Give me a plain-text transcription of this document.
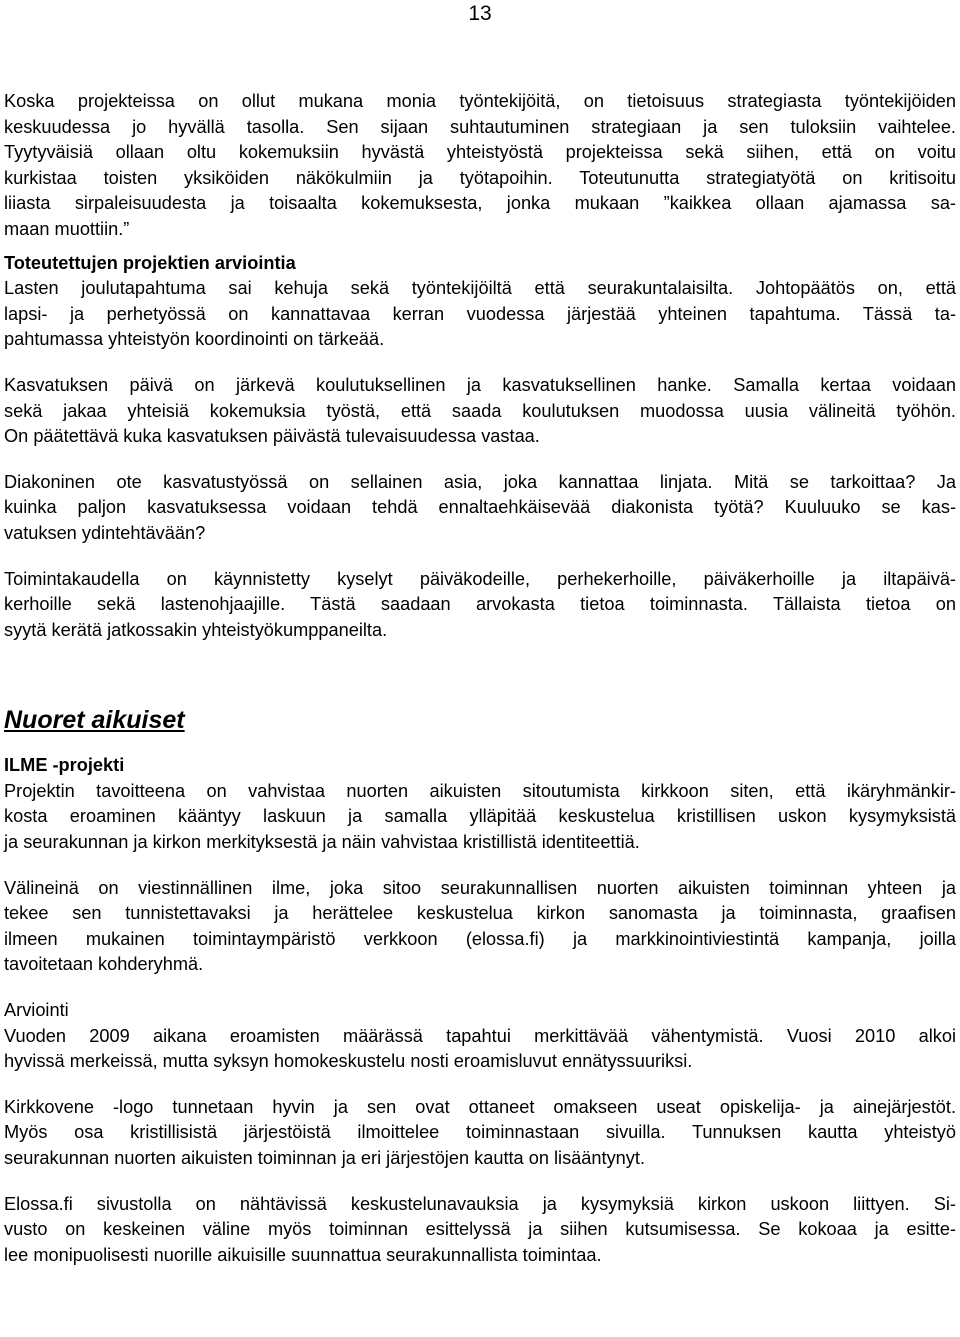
13
Koska projekteissa on ollut mukana monia työntekijöitä, on tietoisuus strategiasta työntekijöiden
keskuudessa jo hyvällä tasolla. Sen sijaan suhtautuminen strategiaan ja sen tuloksiin vaihtelee.
Tyytyväisiä ollaan oltu kokemuksiin hyvästä yhteistyöstä projekteissa sekä siihen, että on voitu
kurkistaa toisten yksiköiden näkökulmiin ja työtapoihin. Toteutunutta strategiatyötä on kritisoitu
liiasta sirpaleisuudesta ja toisaalta kokemuksesta, jonka mukaan ”kaikkea ollaan ajamassa sa-
maan muottiin.”
Toteutettujen projektien arviointia
Lasten joulutapahtuma sai kehuja sekä työntekijöiltä että seurakuntalaisilta. Johtopäätös on, että
lapsi- ja perhetyössä on kannattavaa kerran vuodessa järjestää yhteinen tapahtuma. Tässä ta-
pahtumassa yhteistyön koordinointi on tärkeää.
Kasvatuksen päivä on järkevä koulutuksellinen ja kasvatuksellinen hanke. Samalla kertaa voidaan
sekä jakaa yhteisiä kokemuksia työstä, että saada koulutuksen muodossa uusia välineitä työhön.
On päätettävä kuka kasvatuksen päivästä tulevaisuudessa vastaa.
Diakoninen ote kasvatustyössä on sellainen asia, joka kannattaa linjata. Mitä se tarkoittaa? Ja
kuinka paljon kasvatuksessa voidaan tehdä ennaltaehkäisevää diakonista työtä? Kuuluuko se kas-
vatuksen ydintehtävään?
Toimintakaudella on käynnistetty kyselyt päiväkodeille, perhekerhoille, päiväkerhoille ja iltapäivä-
kerhoille sekä lastenohjaajille. Tästä saadaan arvokasta tietoa toiminnasta. Tällaista tietoa on
syytä kerätä jatkossakin yhteistyökumppaneilta.
Nuoret aikuiset
ILME -projekti
Projektin tavoitteena on vahvistaa nuorten aikuisten sitoutumista kirkkoon siten, että ikäryhmänkir-
kosta eroaminen kääntyy laskuun ja samalla ylläpitää keskustelua kristillisen uskon kysymyksistä
ja seurakunnan ja kirkon merkityksestä ja näin vahvistaa kristillistä identiteettiä.
Välineinä on viestinnällinen ilme, joka sitoo seurakunnallisen nuorten aikuisten toiminnan yhteen ja
tekee sen tunnistettavaksi ja herättelee keskustelua kirkon sanomasta ja toiminnasta, graafisen
ilmeen mukainen toimintaympäristö verkkoon (elossa.fi) ja markkinointiviestintä kampanja, joilla
tavoitetaan kohderyhmä.
Arviointi
Vuoden 2009 aikana eroamisten määrässä tapahtui merkittävää vähentymistä. Vuosi 2010 alkoi
hyvissä merkeissä, mutta syksyn homokeskustelu nosti eroamisluvut ennätyssuuriksi.
Kirkkovene -logo tunnetaan hyvin ja sen ovat ottaneet omakseen useat opiskelija- ja ainejärjestöt.
Myös osa kristillisistä järjestöistä ilmoittelee toiminnastaan sivuilla. Tunnuksen kautta yhteistyö
seurakunnan nuorten aikuisten toiminnan ja eri järjestöjen kautta on lisääntynyt.
Elossa.fi sivustolla on nähtävissä keskustelunavauksia ja kysymyksiä kirkon uskoon liittyen. Si-
vusto on keskeinen väline myös toiminnan esittelyssä ja siihen kutsumisessa. Se kokoaa ja esitte-
lee monipuolisesti nuorille aikuisille suunnattua seurakunnallista toimintaa.
